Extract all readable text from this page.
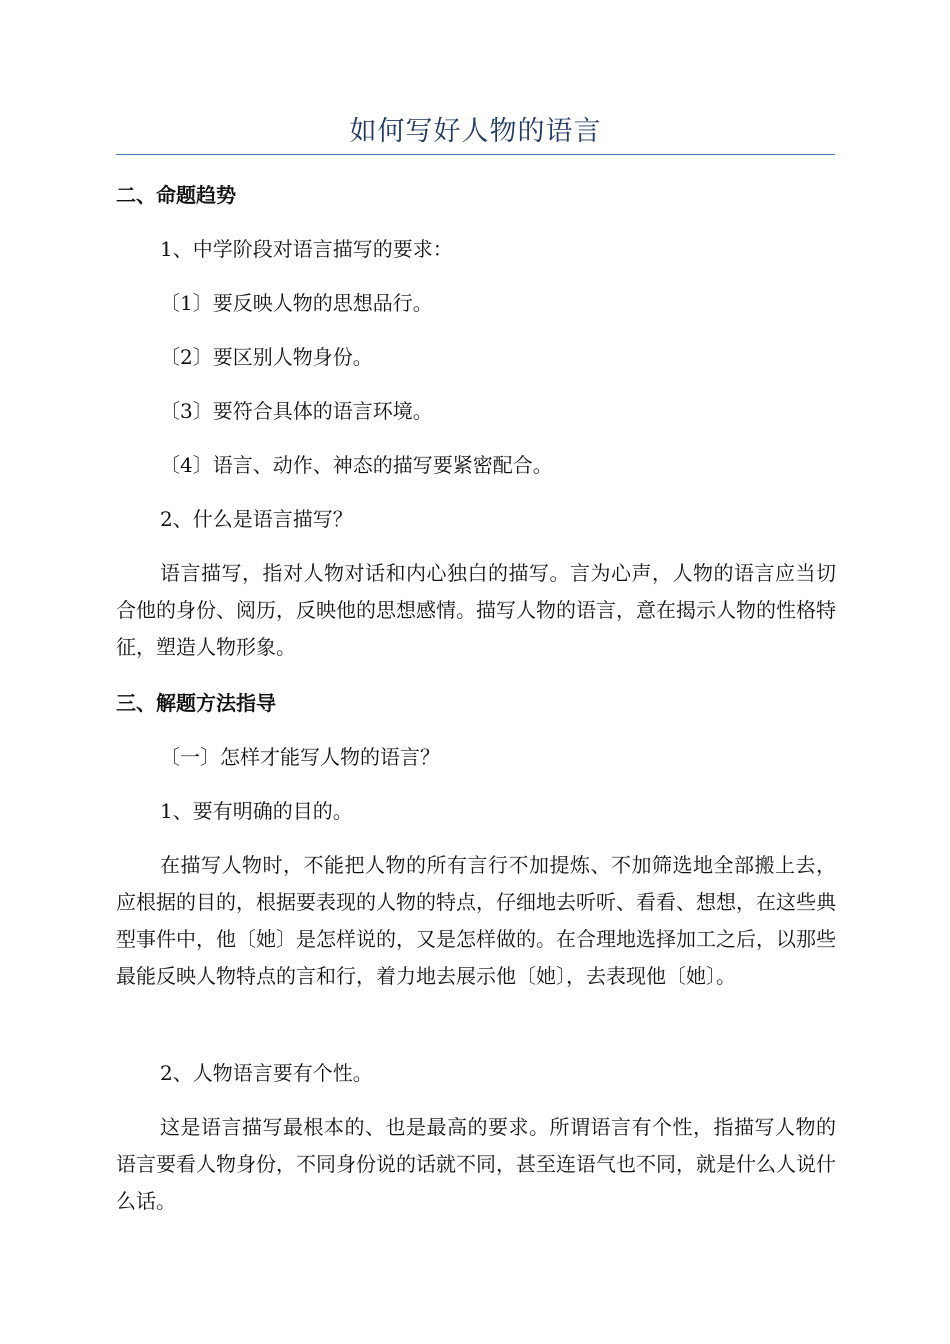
如何写好人物的语言
二、命题趋势
1、中学阶段对语言描写的要求：
〔1〕要反映人物的思想品行。
〔2〕要区别人物身份。
〔3〕要符合具体的语言环境。
〔4〕语言、动作、神态的描写要紧密配合。
2、什么是语言描写？
语言描写，指对人物对话和内心独白的描写。言为心声，人物的语言应当切合他的身份、阅历，反映他的思想感情。描写人物的语言，意在揭示人物的性格特征，塑造人物形象。
三、解题方法指导
〔一〕怎样才能写人物的语言？
1、要有明确的目的。
在描写人物时，不能把人物的所有言行不加提炼、不加筛选地全部搬上去，应根据的目的，根据要表现的人物的特点，仔细地去听听、看看、想想，在这些典型事件中，他〔她〕是怎样说的，又是怎样做的。在合理地选择加工之后，以那些最能反映人物特点的言和行，着力地去展示他〔她〕，去表现他〔她〕。
2、人物语言要有个性。
这是语言描写最根本的、也是最高的要求。所谓语言有个性，指描写人物的语言要看人物身份，不同身份说的话就不同，甚至连语气也不同，就是什么人说什么话。
